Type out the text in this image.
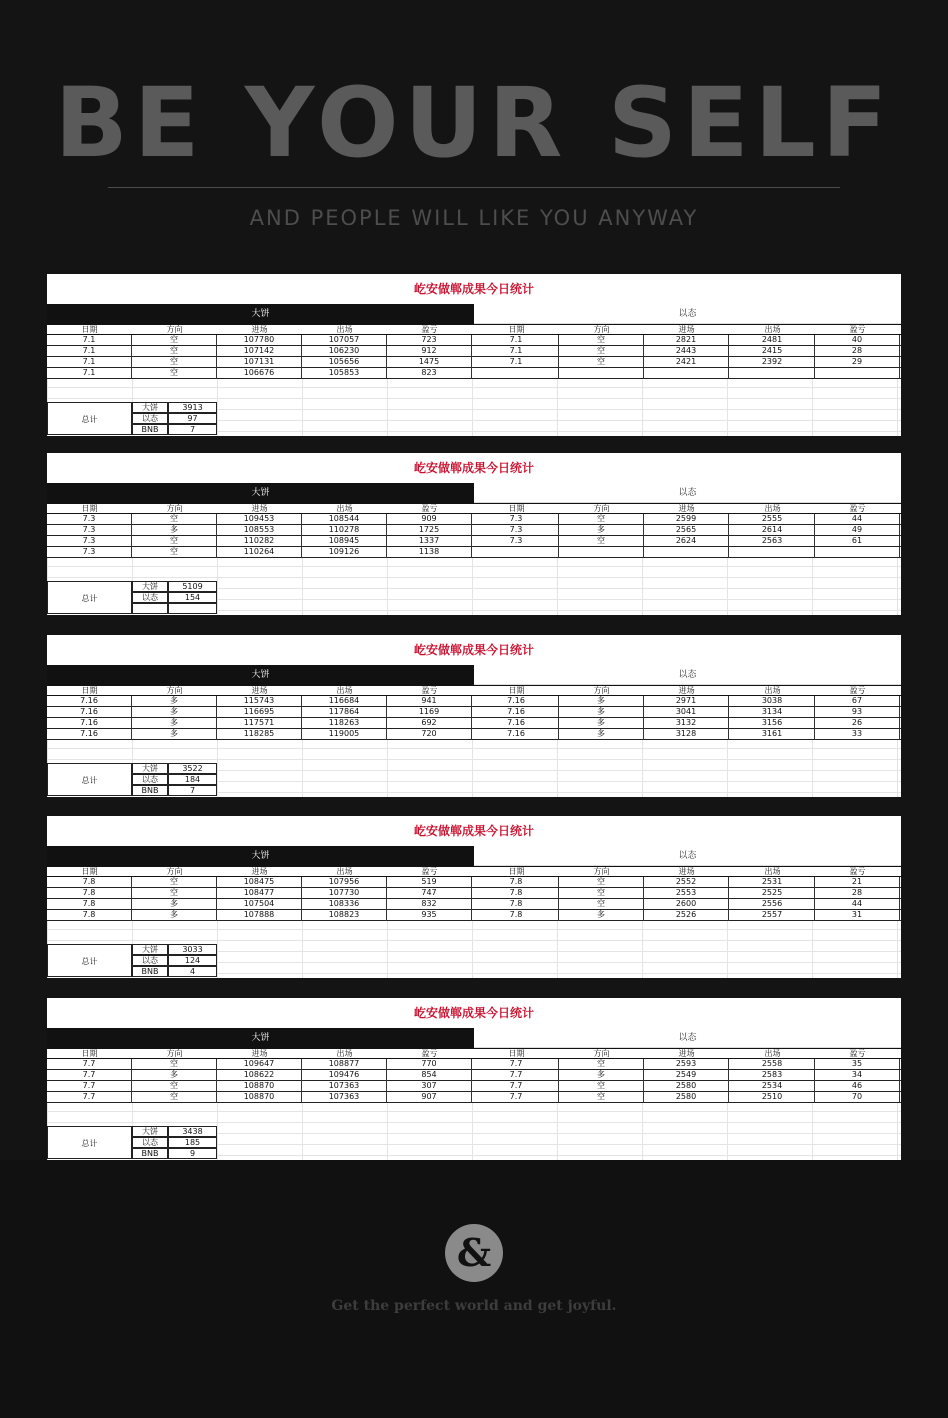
BE YOUR SELF
AND PEOPLE WILL LIKE YOU ANYWAY
屹安做郸成果今日统计
大饼	以态
日期	方向	进场	出场	盈亏	日期	方向	进场	出场	盈亏
7.1	空	107780	107057	723	7.1	空	2821	2481	40
7.1	空	107142	106230	912	7.1	空	2443	2415	28
7.1	空	107131	105656	1475	7.1	空	2421	2392	29
7.1	空	106676	105853	823
总计
大饼	3913
以态	97
BNB	7
屹安做郸成果今日统计
大饼	以态
日期	方向	进场	出场	盈亏	日期	方向	进场	出场	盈亏
7.3	空	109453	108544	909	7.3	空	2599	2555	44
7.3	多	108553	110278	1725	7.3	多	2565	2614	49
7.3	空	110282	108945	1337	7.3	空	2624	2563	61
7.3	空	110264	109126	1138
总计
大饼	5109
以态	154
屹安做郸成果今日统计
大饼	以态
日期	方向	进场	出场	盈亏	日期	方向	进场	出场	盈亏
7.16	多	115743	116684	941	7.16	多	2971	3038	67
7.16	多	116695	117864	1169	7.16	多	3041	3134	93
7.16	多	117571	118263	692	7.16	多	3132	3156	26
7.16	多	118285	119005	720	7.16	多	3128	3161	33
总计
大饼	3522
以态	184
BNB	7
屹安做郸成果今日统计
大饼	以态
日期	方向	进场	出场	盈亏	日期	方向	进场	出场	盈亏
7.8	空	108475	107956	519	7.8	空	2552	2531	21
7.8	空	108477	107730	747	7.8	空	2553	2525	28
7.8	多	107504	108336	832	7.8	空	2600	2556	44
7.8	多	107888	108823	935	7.8	多	2526	2557	31
总计
大饼	3033
以态	124
BNB	4
屹安做郸成果今日统计
大饼	以态
日期	方向	进场	出场	盈亏	日期	方向	进场	出场	盈亏
7.7	空	109647	108877	770	7.7	空	2593	2558	35
7.7	多	108622	109476	854	7.7	多	2549	2583	34
7.7	空	108870	107363	307	7.7	空	2580	2534	46
7.7	空	108870	107363	907	7.7	空	2580	2510	70
总计
大饼	3438
以态	185
BNB	9
&
Get the perfect world and get joyful.
